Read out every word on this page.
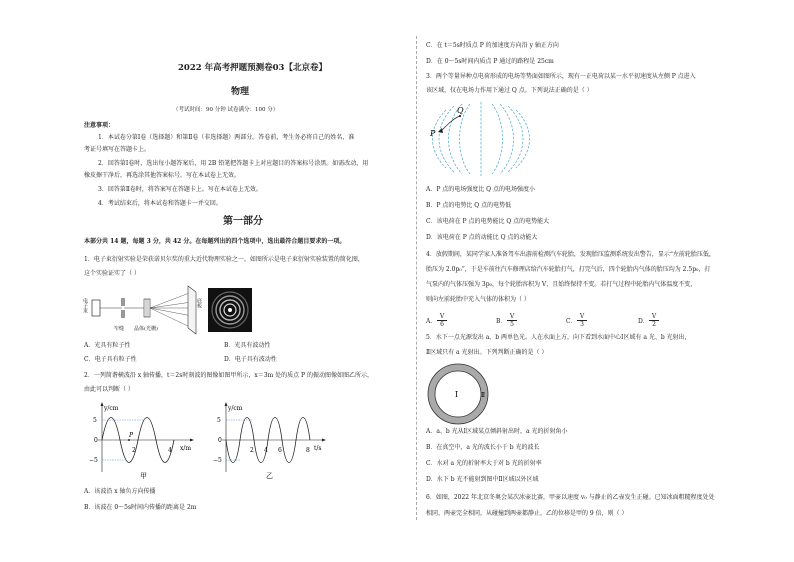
2022 年高考押题预测卷03【北京卷】
物理
（考试时间：90 分钟 试卷满分：100 分）
注意事项：
1．本试卷分第Ⅰ卷（选择题）和第Ⅱ卷（非选择题）两部分。答卷前，考生务必将自己的姓名、准
考证号填写在答题卡上。
2．回答第Ⅰ卷时，选出每小题答案后，用 2B 铅笔把答题卡上对应题目的答案标号涂黑。如需改动，用
橡皮擦干净后，再选涂其他答案标号。写在本试卷上无效。
3．回答第Ⅱ卷时，将答案写在答题卡上。写在本试卷上无效。
4．考试结束后，将本试卷和答题卡一并交回。
第一部分
本部分共 14 题，每题 3 分，共 42 分。在每题列出的四个选项中，选出最符合题目要求的一项。
1．电子束衍射实验是荣获诺贝尔奖的重大近代物理实验之一。如图所示是电子束衍射实验装置的简化图，
这个实验证实了（ ）
电子束	底板
窄缝 晶体(光栅)
A．光具有粒子性	B．光具有波动性
C．电子具有粒子性	D．电子具有波动性
2．一列简谐横波沿 x 轴传播，t＝2s时刻波的图像如图甲所示，x＝3m 处的质点 P 的振动图像如图乙所示，
由此可以判断（ ）
y/cm
x/m
5
0
−5
2	4
P
甲
y/cm
t/s
5
0
−5
2 4 6	8
乙
A．该波沿 x 轴负方向传播
B．该波在 0～5s时间内传播的距离是 2m
C．在 t＝5s时质点 P 的加速度方向沿 y 轴正方向
D．在 0～5s时间内质点 P 通过的路程是 25cm
3．两个等量异种点电荷形成的电场等势面如图所示，现有一正电荷以某一水平初速度从左侧 P 点进入
该区域，仅在电场力作用下通过 Q 点。下列说法正确的是（ ）
P
Q
A．P 点的电场强度比 Q 点的电场强度小
B．P 点的电势比 Q 点的电势低
C．该电荷在 P 点的电势能比 Q 点的电势能大
D．该电荷在 P 点的动能比 Q 点的动能大
4．放假期间，某同学家人准备驾车出游前检测汽车轮胎，发现胎压监测系统发出警告，显示“左前轮胎压低，
胎压为 2.0p₀”，于是车前往汽车修理店给汽车轮胎打气，打完气后，四个轮胎内气体的胎压均为 2.5p₀，打
气泵内的气体压强为 3p₀，每个轮胎容积为 V，且始终保持不变。若打气过程中轮胎内气体温度不变，
则向左前轮胎中充入气体的体积为（ ）
A． $\frac{V}{6}$	B． $\frac{V}{5}$	C． $\frac{V}{3}$	D． $\frac{V}{2}$
5．水下一点光源发出 a、b 两单色光。人在水面上方，向下看到水面中心Ⅰ区域有 a 光、b 光射出，
Ⅱ区域只有 a 光射出。下列判断正确的是（ ）
Ⅰ	Ⅱ
A．a、b 光从Ⅰ区域某点倾斜射出时，a 光的折射角小
B．在真空中，a 光的波长小于 b 光的波长
C．水对 a 光的折射率大于对 b 光的折射率
D．水下 b 光不能射到图中Ⅱ区域以外区域
6．如图，2022 年北京冬奥会某次冰壶比赛，甲壶以速度 v₀ 与静止的乙壶发生正碰。已知冰面粗糙程度处处
相同，两壶完全相同，从碰撞到两壶都静止，乙的位移是甲的 9 倍，则（ ）
